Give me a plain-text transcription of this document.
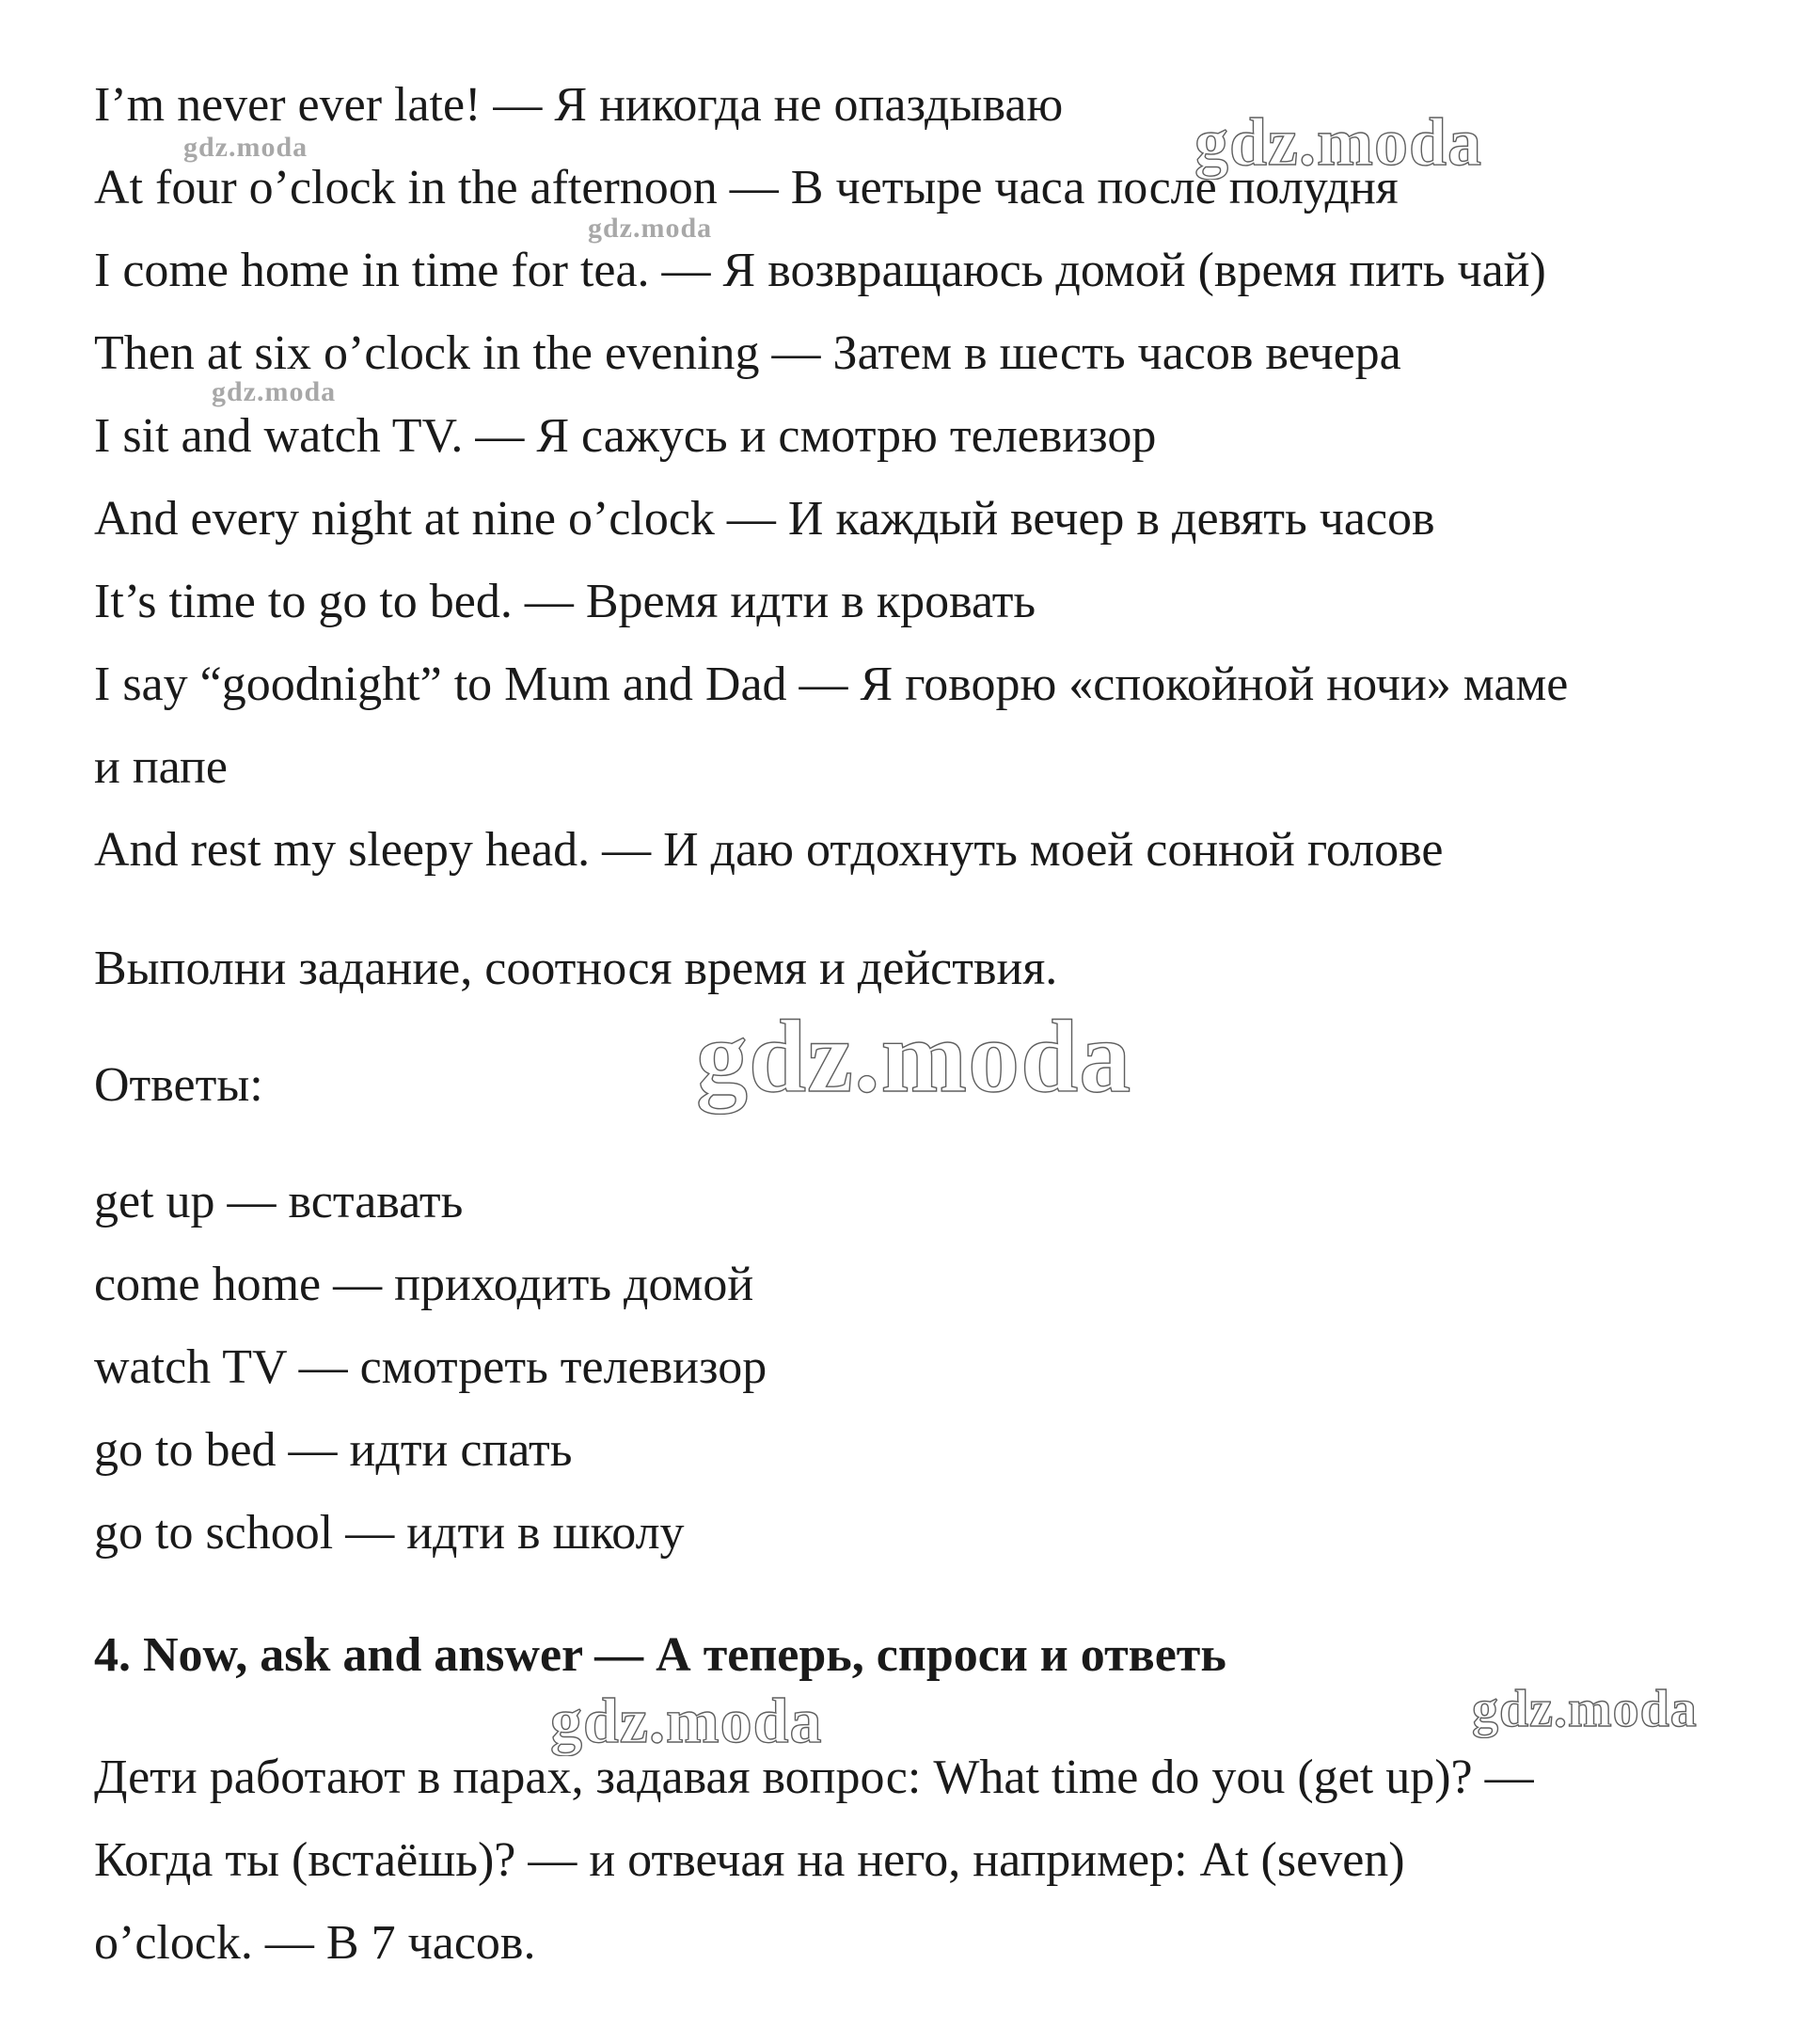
I’m never ever late! — Я никогда не опаздываю
At four o’clock in the afternoon — В четыре часа после полудня
I come home in time for tea. — Я возвращаюсь домой (время пить чай)
Then at six o’clock in the evening — Затем в шесть часов вечера
I sit and watch TV. — Я сажусь и смотрю телевизор
And every night at nine o’clock — И каждый вечер в девять часов
It’s time to go to bed. — Время идти в кровать
I say “goodnight” to Mum and Dad — Я говорю «спокойной ночи» маме
и папе
And rest my sleepy head. — И даю отдохнуть моей сонной голове
Выполни задание, соотнося время и действия.
Ответы:
get up — вставать
come home — приходить домой
watch TV — смотреть телевизор
go to bed — идти спать
go to school — идти в школу
4. Now, ask and answer — А теперь, спроси и ответь
Дети работают в парах, задавая вопрос: What time do you (get up)? —
Когда ты (встаёшь)? — и отвечая на него, например: At (seven)
o’clock. — В 7 часов.
gdz.moda
gdz.moda
gdz.moda
gdz.moda
gdz.moda
gdz.moda	gdz.moda
